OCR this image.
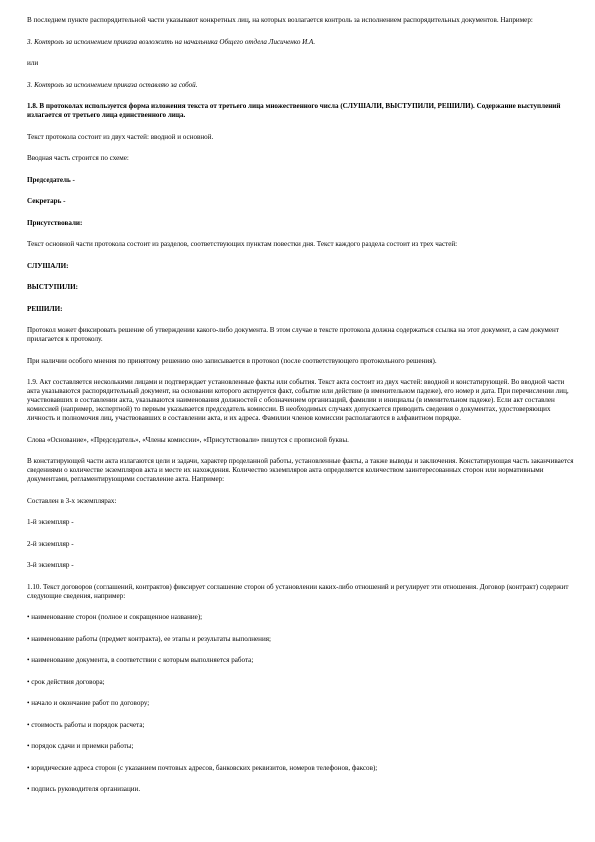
В последнем пункте распорядительной части указывают конкретных лиц, на которых возлагается контроль за исполнением распорядительных документов. Например:

3. Контроль за исполнением приказа возложить на начальника Общего отдела Лисиченко И.А.

или

3. Контроль за исполнением приказа оставляю за собой.

1.8. В протоколах используется форма изложения текста от третьего лица множественного числа (СЛУШАЛИ, ВЫСТУПИЛИ, РЕШИЛИ). Содержание выступлений излагается от третьего лица единственного лица.

Текст протокола состоит из двух частей: вводной и основной.

Вводная часть строится по схеме:

Председатель -

Секретарь -

Присутствовали:

Текст основной части протокола состоит из разделов, соответствующих пунктам повестки дня. Текст каждого раздела состоит из трех частей:

СЛУШАЛИ:

ВЫСТУПИЛИ:

РЕШИЛИ:

Протокол может фиксировать решение об утверждении какого-либо документа. В этом случае в тексте протокола должна содержаться ссылка на этот документ, а сам документ прилагается к протоколу.

При наличии особого мнения по принятому решению оно записывается в протокол (после соответствующего протокольного решения).

1.9. Акт составляется несколькими лицами и подтверждает установленные факты или события. Текст акта состоит из двух частей: вводной и констатирующей. Во вводной части акта указываются распорядительный документ, на основании которого актируется факт, событие или действие (в именительном падеже), его номер и дата. При перечислении лиц, участвовавших в составлении акта, указываются наименования должностей с обозначением организаций, фамилии и инициалы (в именительном падеже). Если акт составлен комиссией (например, экспертной) то первым указывается председатель комиссии. В необходимых случаях допускается приводить сведения о документах, удостоверяющих личность и полномочия лиц, участвовавших в составлении акта, и их адреса. Фамилии членов комиссии располагаются в алфавитном порядке.

Слова «Основание», «Председатель», «Члены комиссии», «Присутствовали» пишутся с прописной буквы.

В констатирующей части акта излагаются цели и задачи, характер проделанной работы, установленные факты, а также выводы и заключения. Констатирующая часть заканчивается сведениями о количестве экземпляров акта и месте их нахождения. Количество экземпляров акта определяется количеством заинтересованных сторон или нормативными документами, регламентирующими составление акта. Например:

Составлен в 3-х экземплярах:

1-й экземпляр -

2-й экземпляр -

3-й экземпляр -

1.10. Текст договоров (соглашений, контрактов) фиксирует соглашение сторон об установлении каких-либо отношений и регулирует эти отношения. Договор (контракт) содержит следующие сведения, например:

• наименование сторон (полное и сокращенное название);

• наименование работы (предмет контракта), ее этапы и результаты выполнения;

• наименование документа, в соответствии с которым выполняется работа;

• срок действия договора;

• начало и окончание работ по договору;

• стоимость работы и порядок расчета;

• порядок сдачи и приемки работы;

• юридические адреса сторон (с указанием почтовых адресов, банковских реквизитов, номеров телефонов, факсов);

• подпись руководителя организации.
